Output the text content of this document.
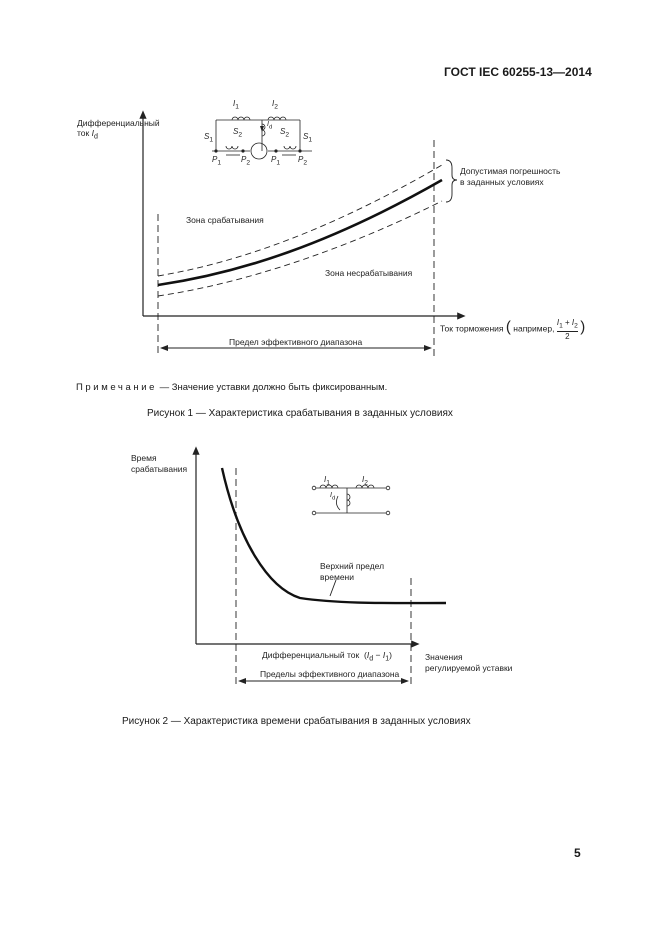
ГОСТ IEC 60255-13—2014
Дифференциальный
ток $I_d$
$I_1$	$I_2$
$I_d$
$S_1$
$S_2$	$S_2$ $S_1$
$P_1$ $P_2$	$P_1$ $P_2$
Зона срабатывания
Зона несрабатывания
Допустимая погрешность
в заданных условиях
Ток торможения ( например, $\frac{I_1 + I_2}{2}$ )
Предел эффективного диапазона
Примечание — Значение уставки должно быть фиксированным.
Рисунок 1 — Характеристика срабатывания в заданных условиях
Время
срабатывания
$I_1$	$I_2$
$I_d$
Верхний предел
времени
Дифференциальный ток  $(I_d - I_1)$	Значения
регулируемой уставки
Пределы эффективного диапазона
Рисунок 2 — Характеристика времени срабатывания в заданных условиях
5
